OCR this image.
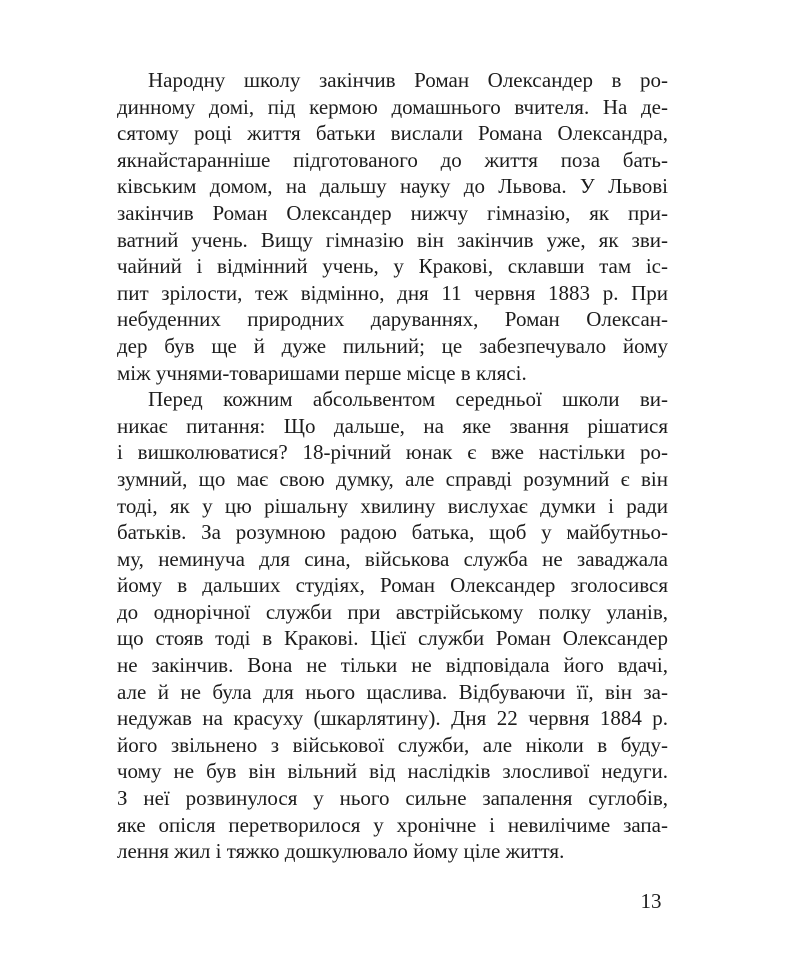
Народну школу закінчив Роман Олександер в ро-
динному домі, під кермою домашнього вчителя. На де-
сятому році життя батьки вислали Романа Олександра,
якнайстаранніше підготованого до життя поза бать-
ківським домом, на дальшу науку до Львова. У Львові
закінчив Роман Олександер нижчу гімназію, як при-
ватний учень. Вищу гімназію він закінчив уже, як зви-
чайний і відмінний учень, у Кракові, склавши там іс-
пит зрілости, теж відмінно, дня 11 червня 1883 р. При
небуденних природних даруваннях, Роман Олексан-
дер був ще й дуже пильний; це забезпечувало йому
між учнями-товаришами перше місце в клясі.
Перед кожним абсольвентом середньої школи ви-
никає питання: Що дальше, на яке звання рішатися
і вишколюватися? 18-річний юнак є вже настільки ро-
зумний, що має свою думку, але справді розумний є він
тоді, як у цю рішальну хвилину вислухає думки і ради
батьків. За розумною радою батька, щоб у майбутньо-
му, неминуча для сина, військова служба не заваджала
йому в дальших студіях, Роман Олександер зголосився
до однорічної служби при австрійському полку уланів,
що стояв тоді в Кракові. Цієї служби Роман Олександер
не закінчив. Вона не тільки не відповідала його вдачі,
але й не була для нього щаслива. Відбуваючи її, він за-
недужав на красуху (шкарлятину). Дня 22 червня 1884 р.
його звільнено з військової служби, але ніколи в буду-
чому не був він вільний від наслідків злосливої недуги.
З неї розвинулося у нього сильне запалення суглобів,
яке опісля перетворилося у хронічне і невилічиме запа-
лення жил і тяжко дошкулювало йому ціле життя.
13
